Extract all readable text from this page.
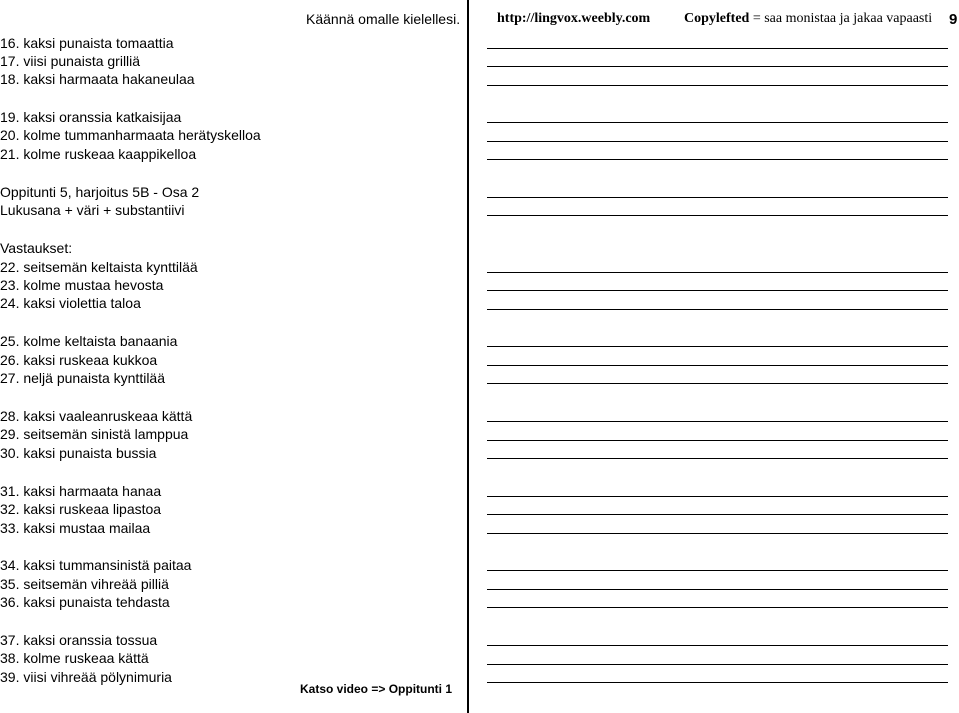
Käännä omalle kielellesi.	http://lingvox.weebly.com Copylefted = saa monistaa ja jakaa vapaasti 9
16. kaksi punaista tomaattia
17. viisi punaista grilliä
18. kaksi harmaata hakaneulaa
19. kaksi oranssia katkaisijaa
20. kolme tummanharmaata herätyskelloa
21. kolme ruskeaa kaappikelloa
Oppitunti 5, harjoitus 5B - Osa 2
Lukusana + väri + substantiivi
Vastaukset:
22. seitsemän keltaista kynttilää
23. kolme mustaa hevosta
24. kaksi violettia taloa
25. kolme keltaista banaania
26. kaksi ruskeaa kukkoa
27. neljä punaista kynttilää
28. kaksi vaaleanruskeaa kättä
29. seitsemän sinistä lamppua
30. kaksi punaista bussia
31. kaksi harmaata hanaa
32. kaksi ruskeaa lipastoa
33. kaksi mustaa mailaa
34. kaksi tummansinistä paitaa
35. seitsemän vihreää pilliä
36. kaksi punaista tehdasta
37. kaksi oranssia tossua
38. kolme ruskeaa kättä
39. viisi vihreää pölynimuria
Katso video => Oppitunti 1
